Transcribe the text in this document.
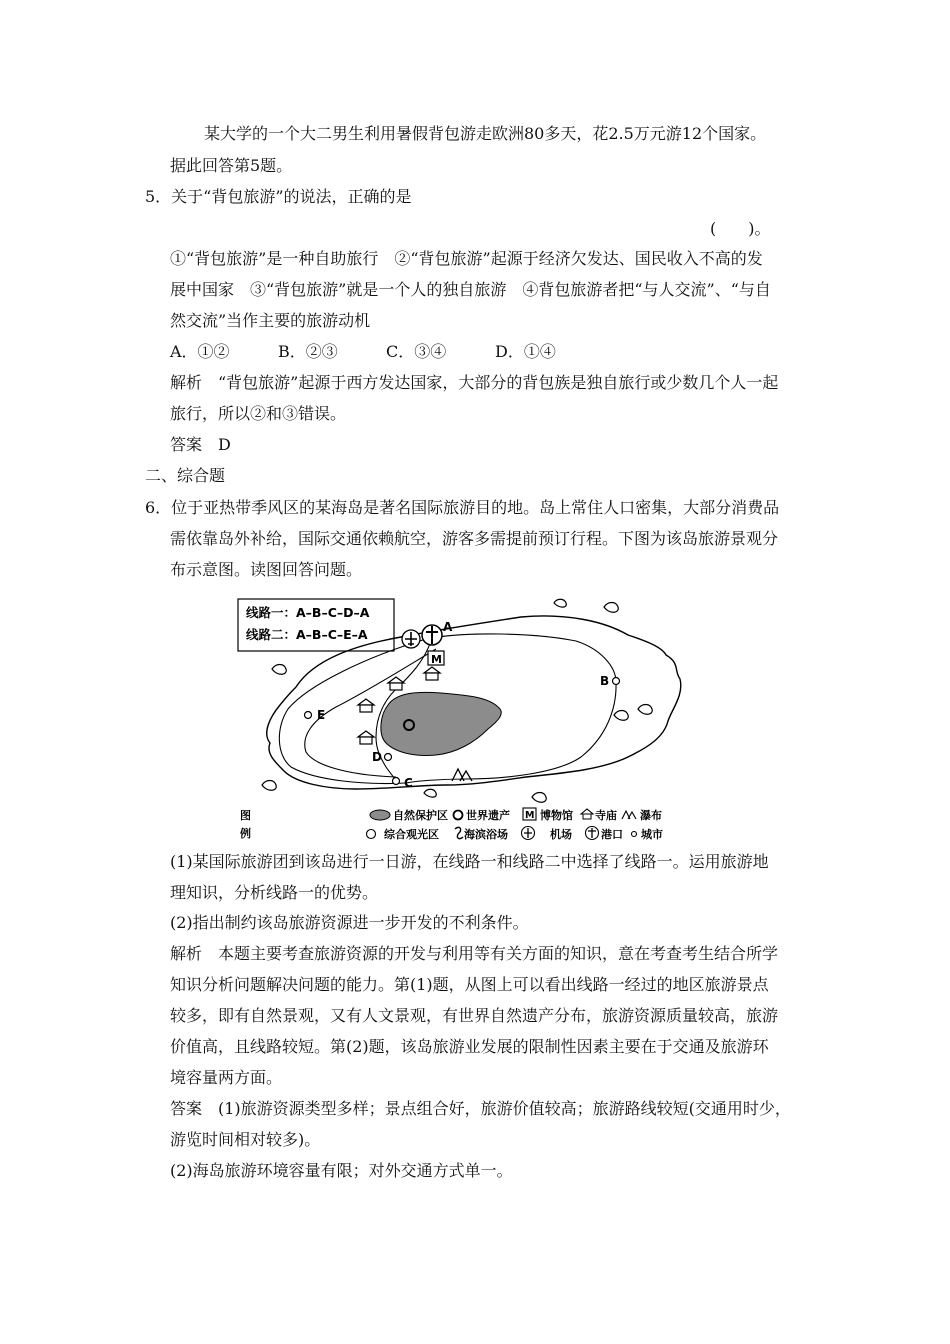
某大学的一个大二男生利用暑假背包游走欧洲80多天，花2.5万元游12个国家。
据此回答第5题。
5．关于“背包旅游”的说法，正确的是
(　　)。
①“背包旅游”是一种自助旅行　②“背包旅游”起源于经济欠发达、国民收入不高的发
展中国家　③“背包旅游”就是一个人的独自旅游　④背包旅游者把“与人交流”、“与自
然交流”当作主要的旅游动机
A．①②	B．②③	C．③④	D．①④
解析　“背包旅游”起源于西方发达国家，大部分的背包族是独自旅行或少数几个人一起
旅行，所以②和③错误。
答案　D
二、综合题
6．位于亚热带季风区的某海岛是著名国际旅游目的地。岛上常住人口密集，大部分消费品
需依靠岛外补给，国际交通依赖航空，游客多需提前预订行程。下图为该岛旅游景观分
布示意图。读图回答问题。
线路一：A–B–C–D–A
线路二：A–B–C–E–A	A
M
B
C
D
E
图
例
自然保护区 世界遗产 M 博物馆 寺庙 瀑布
综合观光区 海滨浴场	机场	港口 城市
(1)某国际旅游团到该岛进行一日游，在线路一和线路二中选择了线路一。运用旅游地
理知识，分析线路一的优势。
(2)指出制约该岛旅游资源进一步开发的不利条件。
解析　本题主要考查旅游资源的开发与利用等有关方面的知识，意在考查考生结合所学
知识分析问题解决问题的能力。第(1)题，从图上可以看出线路一经过的地区旅游景点
较多，即有自然景观，又有人文景观，有世界自然遗产分布，旅游资源质量较高，旅游
价值高，且线路较短。第(2)题，该岛旅游业发展的限制性因素主要在于交通及旅游环
境容量两方面。
答案　(1)旅游资源类型多样；景点组合好，旅游价值较高；旅游路线较短(交通用时少，
游览时间相对较多)。
(2)海岛旅游环境容量有限；对外交通方式单一。
